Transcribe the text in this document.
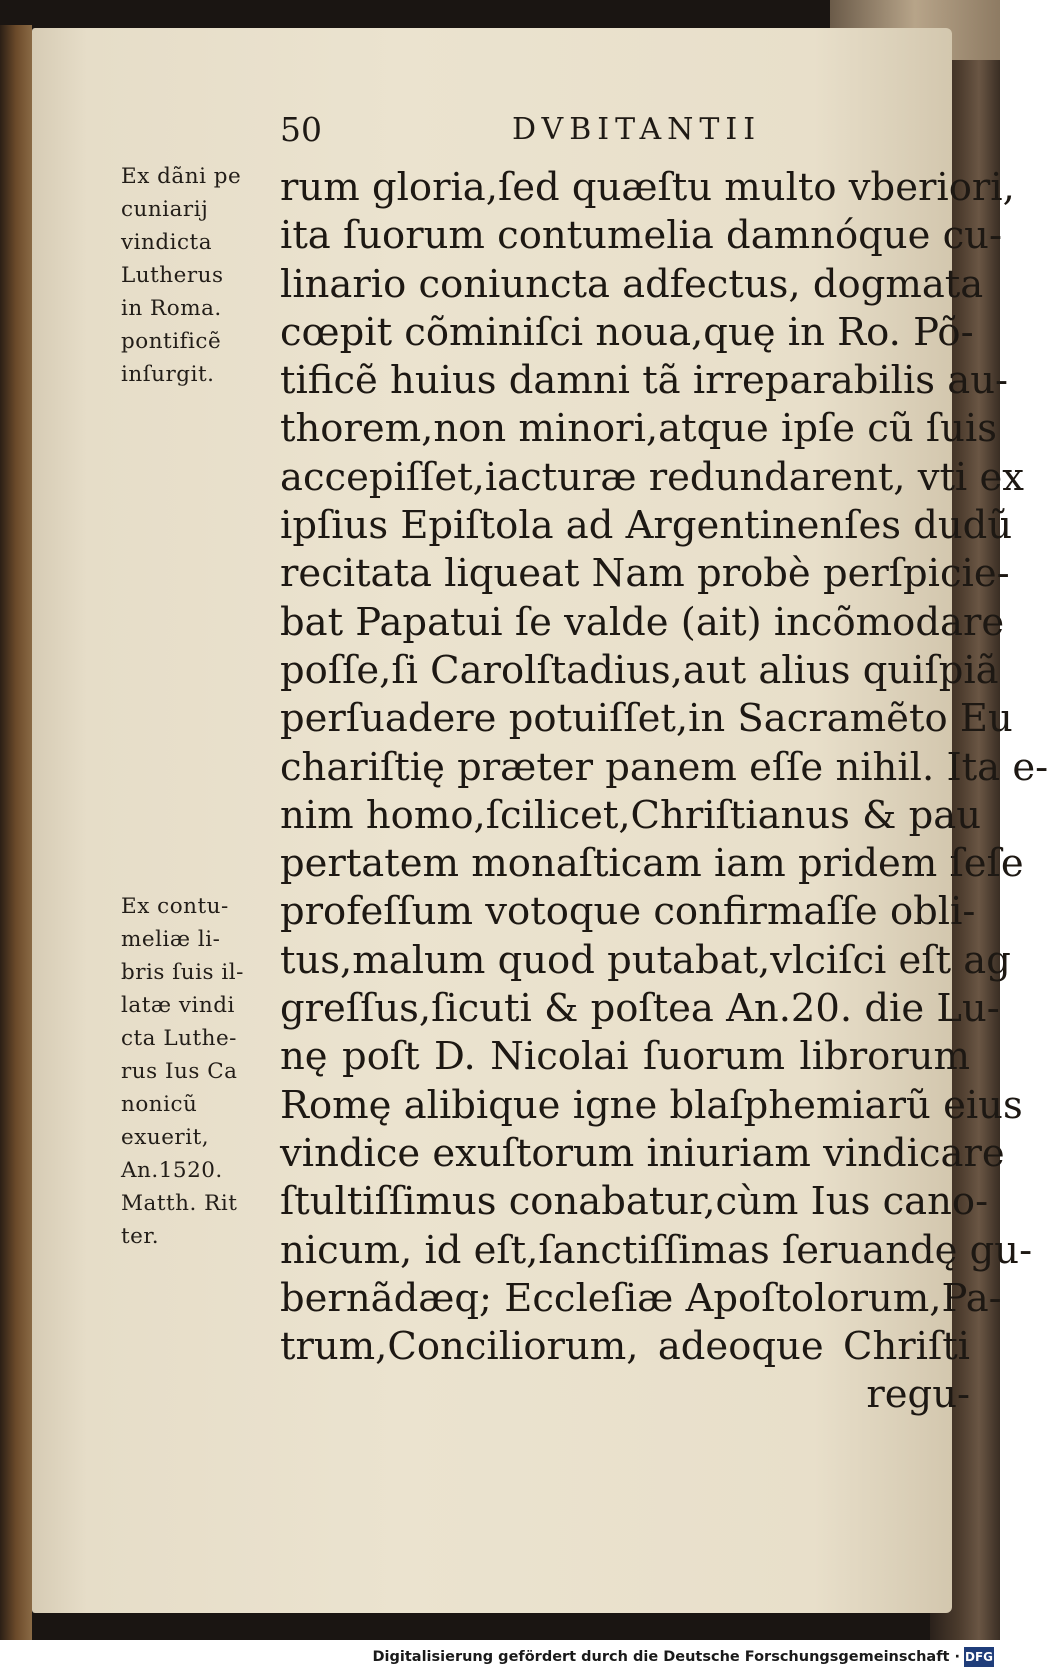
50	DVBITANTII
Ex dãni pe
cuniarij
vindicta
Lutherus
in Roma.
pontificẽ
inſurgit.
Ex contu-
meliæ li-
bris ſuis il-
latæ vindi
cta Luthe-
rus Ius Ca
nonicũ
exuerit,
An.1520.
Matth. Rit
ter.
rum gloria,ſed quæſtu multo vberiori,
ita ſuorum contumelia damnóque cu-
linario coniuncta adfectus, dogmata
cœpit cõminiſci noua,quę in Ro. Põ-
tificẽ huius damni tã irreparabilis au-
thorem,non minori,atque ipſe cũ ſuis
accepiſſet,iacturæ redundarent, vti ex
ipſius Epiſtola ad Argentinenſes dudũ
recitata liqueat Nam probè perſpicie-
bat Papatui ſe valde (ait) incõmodare
poſſe,ſi Carolſtadius,aut alius quiſpiã
perſuadere potuiſſet,in Sacramẽto Eu
chariſtię præter panem eſſe nihil. Ita e-
nim homo,ſcilicet,Chriſtianus & pau
pertatem monaſticam iam pridem ſeſe
profeſſum votoque confirmaſſe obli-
tus,malum quod putabat,vlciſci eſt ag
greſſus,ſicuti & poſtea An.20. die Lu-
nę poſt D. Nicolai ſuorum librorum
Romę alibique igne blaſphemiarũ eius
vindice exuſtorum iniuriam vindicare
ſtultiſſimus conabatur,cùm Ius cano-
nicum, id eſt,ſanctiſſimas ſeruandę gu-
bernãdæq; Eccleſiæ Apoſtolorum,Pa-
trum,Conciliorum, adeoque Chriſti
regu-
Digitalisierung gefördert durch die Deutsche Forschungsgemeinschaft · DFG
